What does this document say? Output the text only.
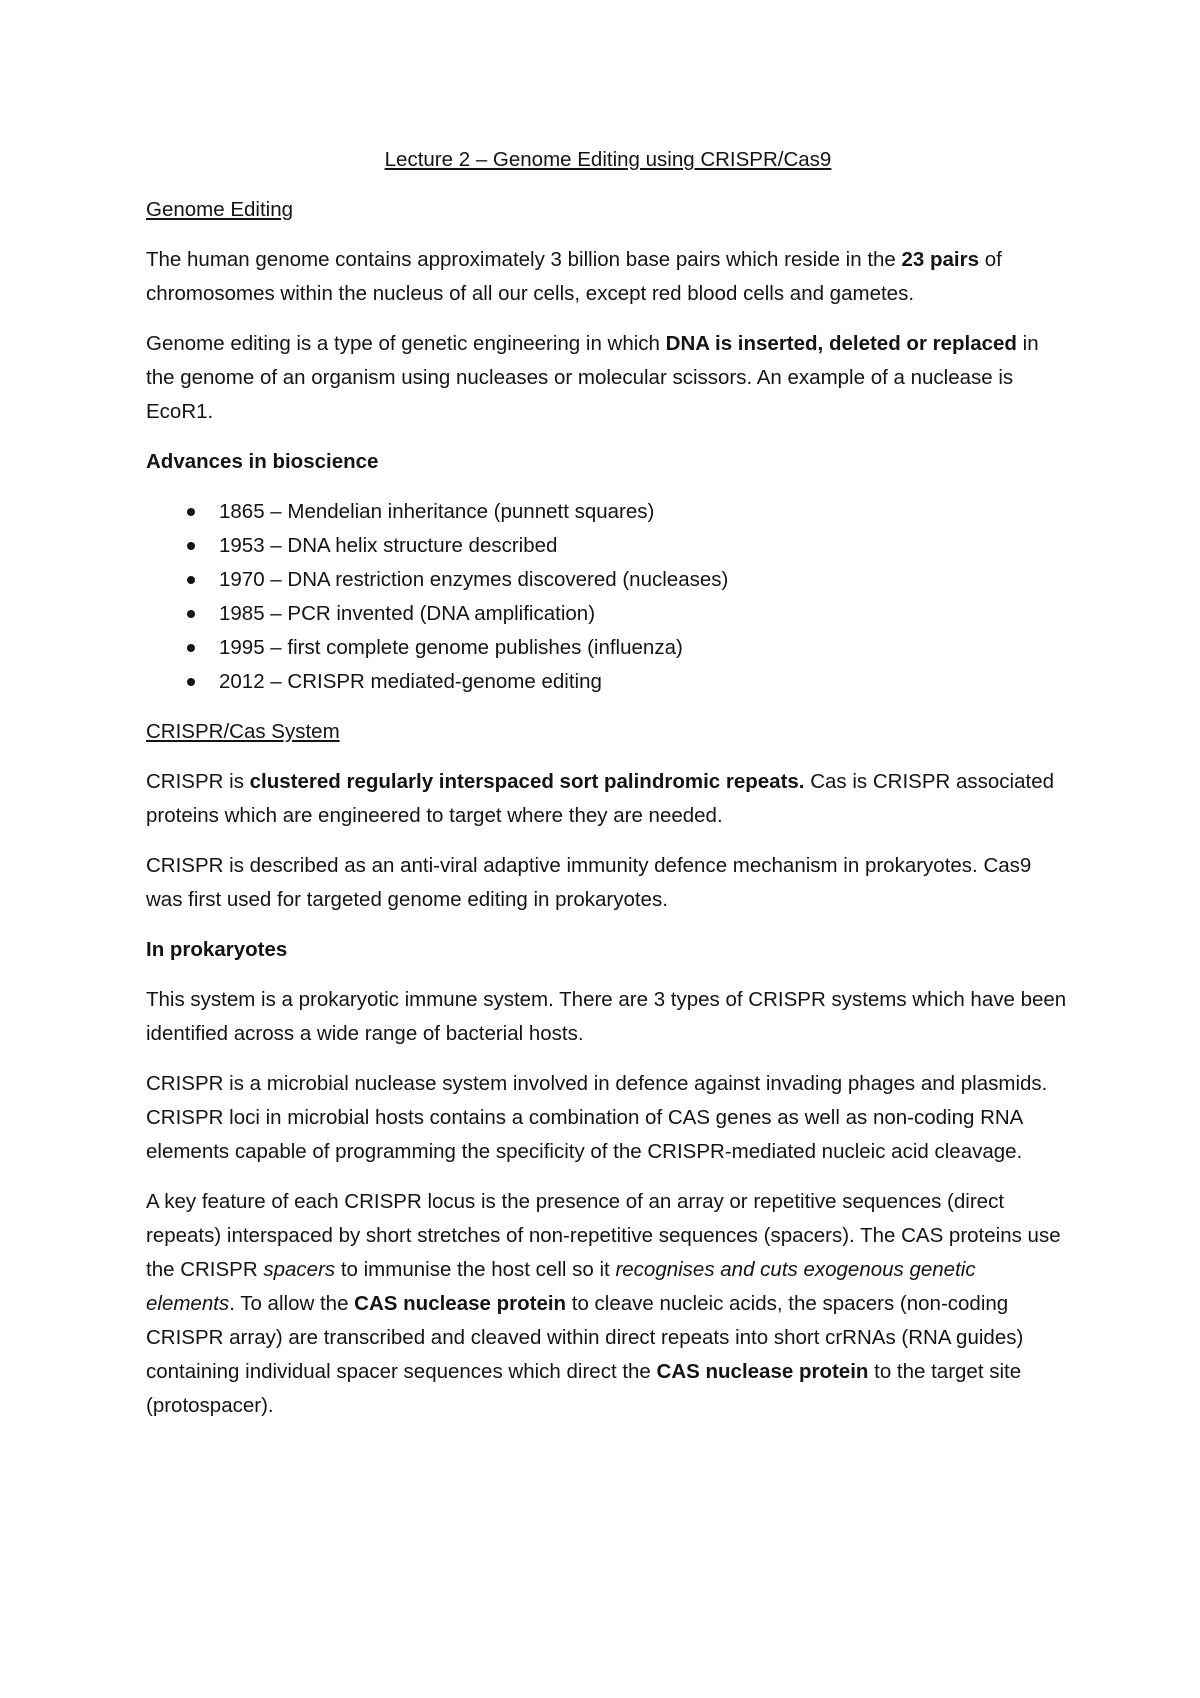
Lecture 2 – Genome Editing using CRISPR/Cas9
Genome Editing

The human genome contains approximately 3 billion base pairs which reside in the 23 pairs of chromosomes within the nucleus of all our cells, except red blood cells and gametes.

Genome editing is a type of genetic engineering in which DNA is inserted, deleted or replaced in the genome of an organism using nucleases or molecular scissors. An example of a nuclease is EcoR1.

Advances in bioscience
1865 – Mendelian inheritance (punnett squares)
1953 – DNA helix structure described
1970 – DNA restriction enzymes discovered (nucleases)
1985 – PCR invented (DNA amplification)
1995 – first complete genome publishes (influenza)
2012 – CRISPR mediated-genome editing
CRISPR/Cas System

CRISPR is clustered regularly interspaced sort palindromic repeats. Cas is CRISPR associated proteins which are engineered to target where they are needed.

CRISPR is described as an anti-viral adaptive immunity defence mechanism in prokaryotes. Cas9 was first used for targeted genome editing in prokaryotes.

In prokaryotes

This system is a prokaryotic immune system. There are 3 types of CRISPR systems which have been identified across a wide range of bacterial hosts.

CRISPR is a microbial nuclease system involved in defence against invading phages and plasmids. CRISPR loci in microbial hosts contains a combination of CAS genes as well as non-coding RNA elements capable of programming the specificity of the CRISPR-mediated nucleic acid cleavage.

A key feature of each CRISPR locus is the presence of an array or repetitive sequences (direct repeats) interspaced by short stretches of non-repetitive sequences (spacers). The CAS proteins use the CRISPR spacers to immunise the host cell so it recognises and cuts exogenous genetic elements. To allow the CAS nuclease protein to cleave nucleic acids, the spacers (non-coding CRISPR array) are transcribed and cleaved within direct repeats into short crRNAs (RNA guides) containing individual spacer sequences which direct the CAS nuclease protein to the target site (protospacer).
